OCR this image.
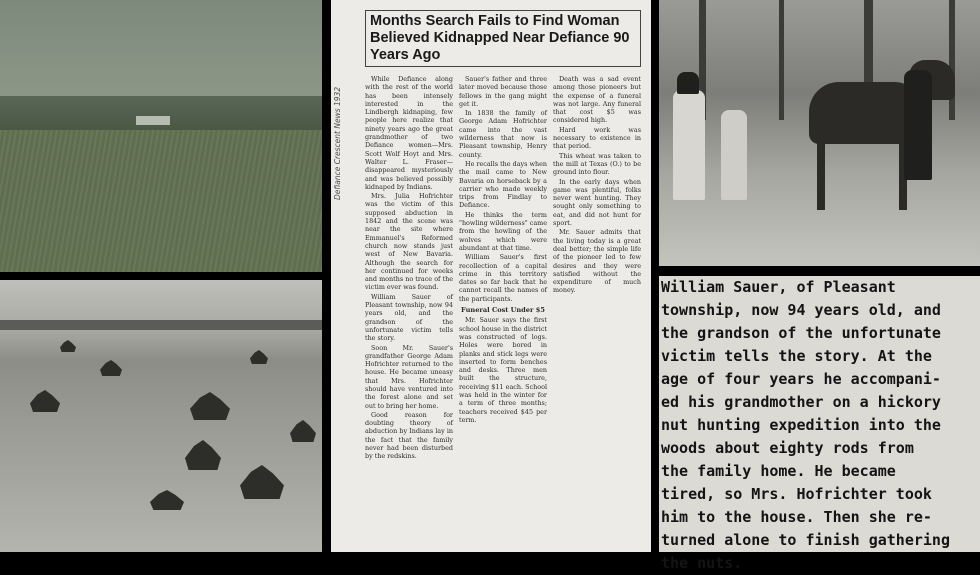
Defiance Crescent News 1932
Months Search Fails to Find Woman Believed Kidnapped Near Defiance 90 Years Ago

While Defiance along with the rest of the world has been intensely interested in the Lindbergh kidnaping, few people here realize that ninety years ago the great grandmother of two Defiance women—Mrs. Scott Wolf Hoyt and Mrs. Walter L. Fraser—disappeared mysteriously and was believed possibly kidnaped by Indians.

Mrs. Julia Hofrichter was the victim of this supposed abduction in 1842 and the scene was near the site where Emmanuel's Reformed church now stands just west of New Bavaria. Although the search for her continued for weeks and months no trace of the victim ever was found.

William Sauer of Pleasant township, now 94 years old, and the grandson of the unfortunate victim tells the story.

Soon Mr. Sauer's grandfather George Adam Hofrichter returned to the house. He became uneasy that Mrs. Hofrichter should have ventured into the forest alone and set out to bring her home.

Good reason for doubting theory of abduction by Indians lay in the fact that the family never had been disturbed by the redskins.

Sauer's father and three later moved because those fellows in the gang might get it.

In 1838 the family of George Adam Hofrichter came into the vast wilderness that now is Pleasant township, Henry county.

He recalls the days when the mail came to New Bavaria on horseback by a carrier who made weekly trips from Findlay to Defiance.

He thinks the term "howling wilderness" came from the howling of the wolves which were abundant at that time.

William Sauer's first recollection of a capital crime in this territory dates so far back that he cannot recall the names of the participants.

Funeral Cost Under $5

Mr. Sauer says the first school house in the district was constructed of logs. Holes were bored in planks and stick legs were inserted to form benches and desks. Three men built the structure, receiving $11 each. School was held in the winter for a term of three months; teachers received $45 per term.

Death was a sad event among those pioneers but the expense of a funeral was not large. Any funeral that cost $5 was considered high.

Hard work was necessary to existence in that period.

This wheat was taken to the mill at Texas (O.) to be ground into flour.

In the early days when game was plentiful, folks never went hunting. They sought only something to eat, and did not hunt for sport.

Mr. Sauer admits that the living today is a great deal better; the simple life of the pioneer led to few desires and they were satisfied without the expenditure of much money.	William Sauer, of Pleasant
township, now 94 years old, and
the grandson of the unfortunate
victim tells the story. At the
age of four years he accompani-
ed his grandmother on a hickory
nut hunting expedition into the
woods about eighty rods from
the family home. He became
tired, so Mrs. Hofrichter took
him to the house. Then she re-
turned alone to finish gathering
the nuts.
